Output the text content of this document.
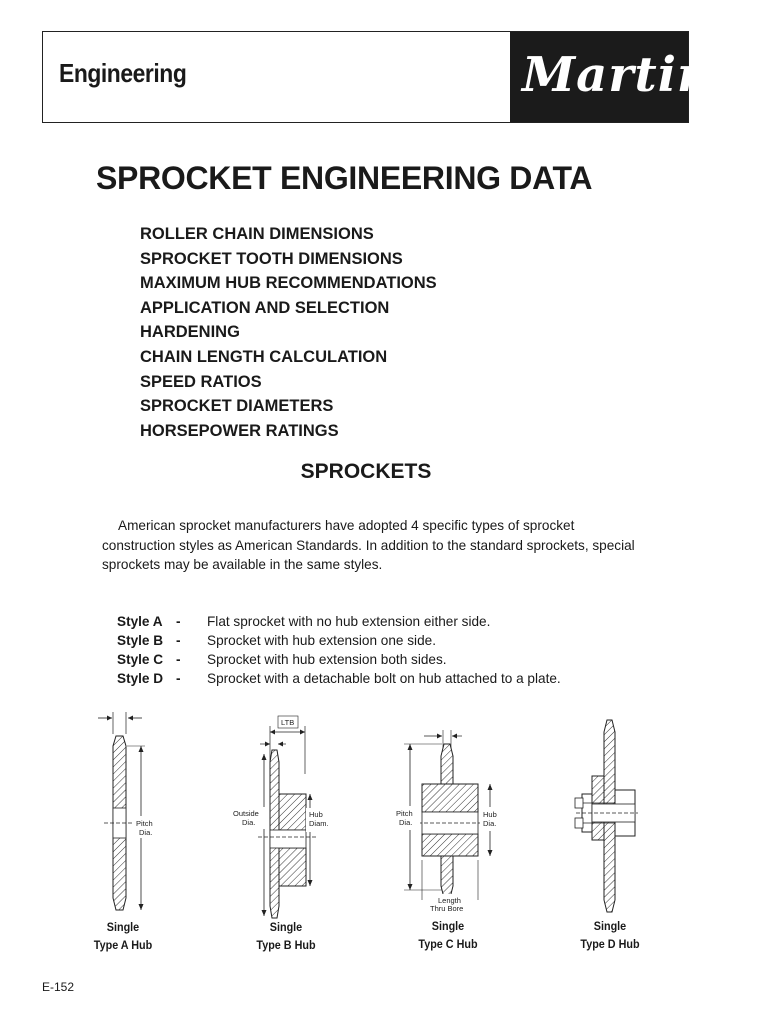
Engineering	Martin
SPROCKET ENGINEERING DATA
ROLLER CHAIN DIMENSIONS
SPROCKET TOOTH DIMENSIONS
MAXIMUM HUB RECOMMENDATIONS
APPLICATION AND SELECTION
HARDENING
CHAIN LENGTH CALCULATION
SPEED RATIOS
SPROCKET DIAMETERS
HORSEPOWER RATINGS
SPROCKETS

American sprocket manufacturers have adopted 4 specific types of sprocket construction styles as American Standards. In addition to the standard sprockets, special sprockets may be available in the same styles.

Style A -	Flat sprocket with no hub extension either side.
Style B -	Sprocket with hub extension one side.
Style C -	Sprocket with hub extension both sides.
Style D -	Sprocket with a detachable bolt on hub attached to a plate.
Pitch
Dia.
Single
Type A Hub
LTB
Outside
Dia.
Hub
Diam.
Single
Type B Hub
Pitch
Dia.
Hub
Dia.
Length
Thru Bore
Single
Type C Hub
Single
Type D Hub
E-152
